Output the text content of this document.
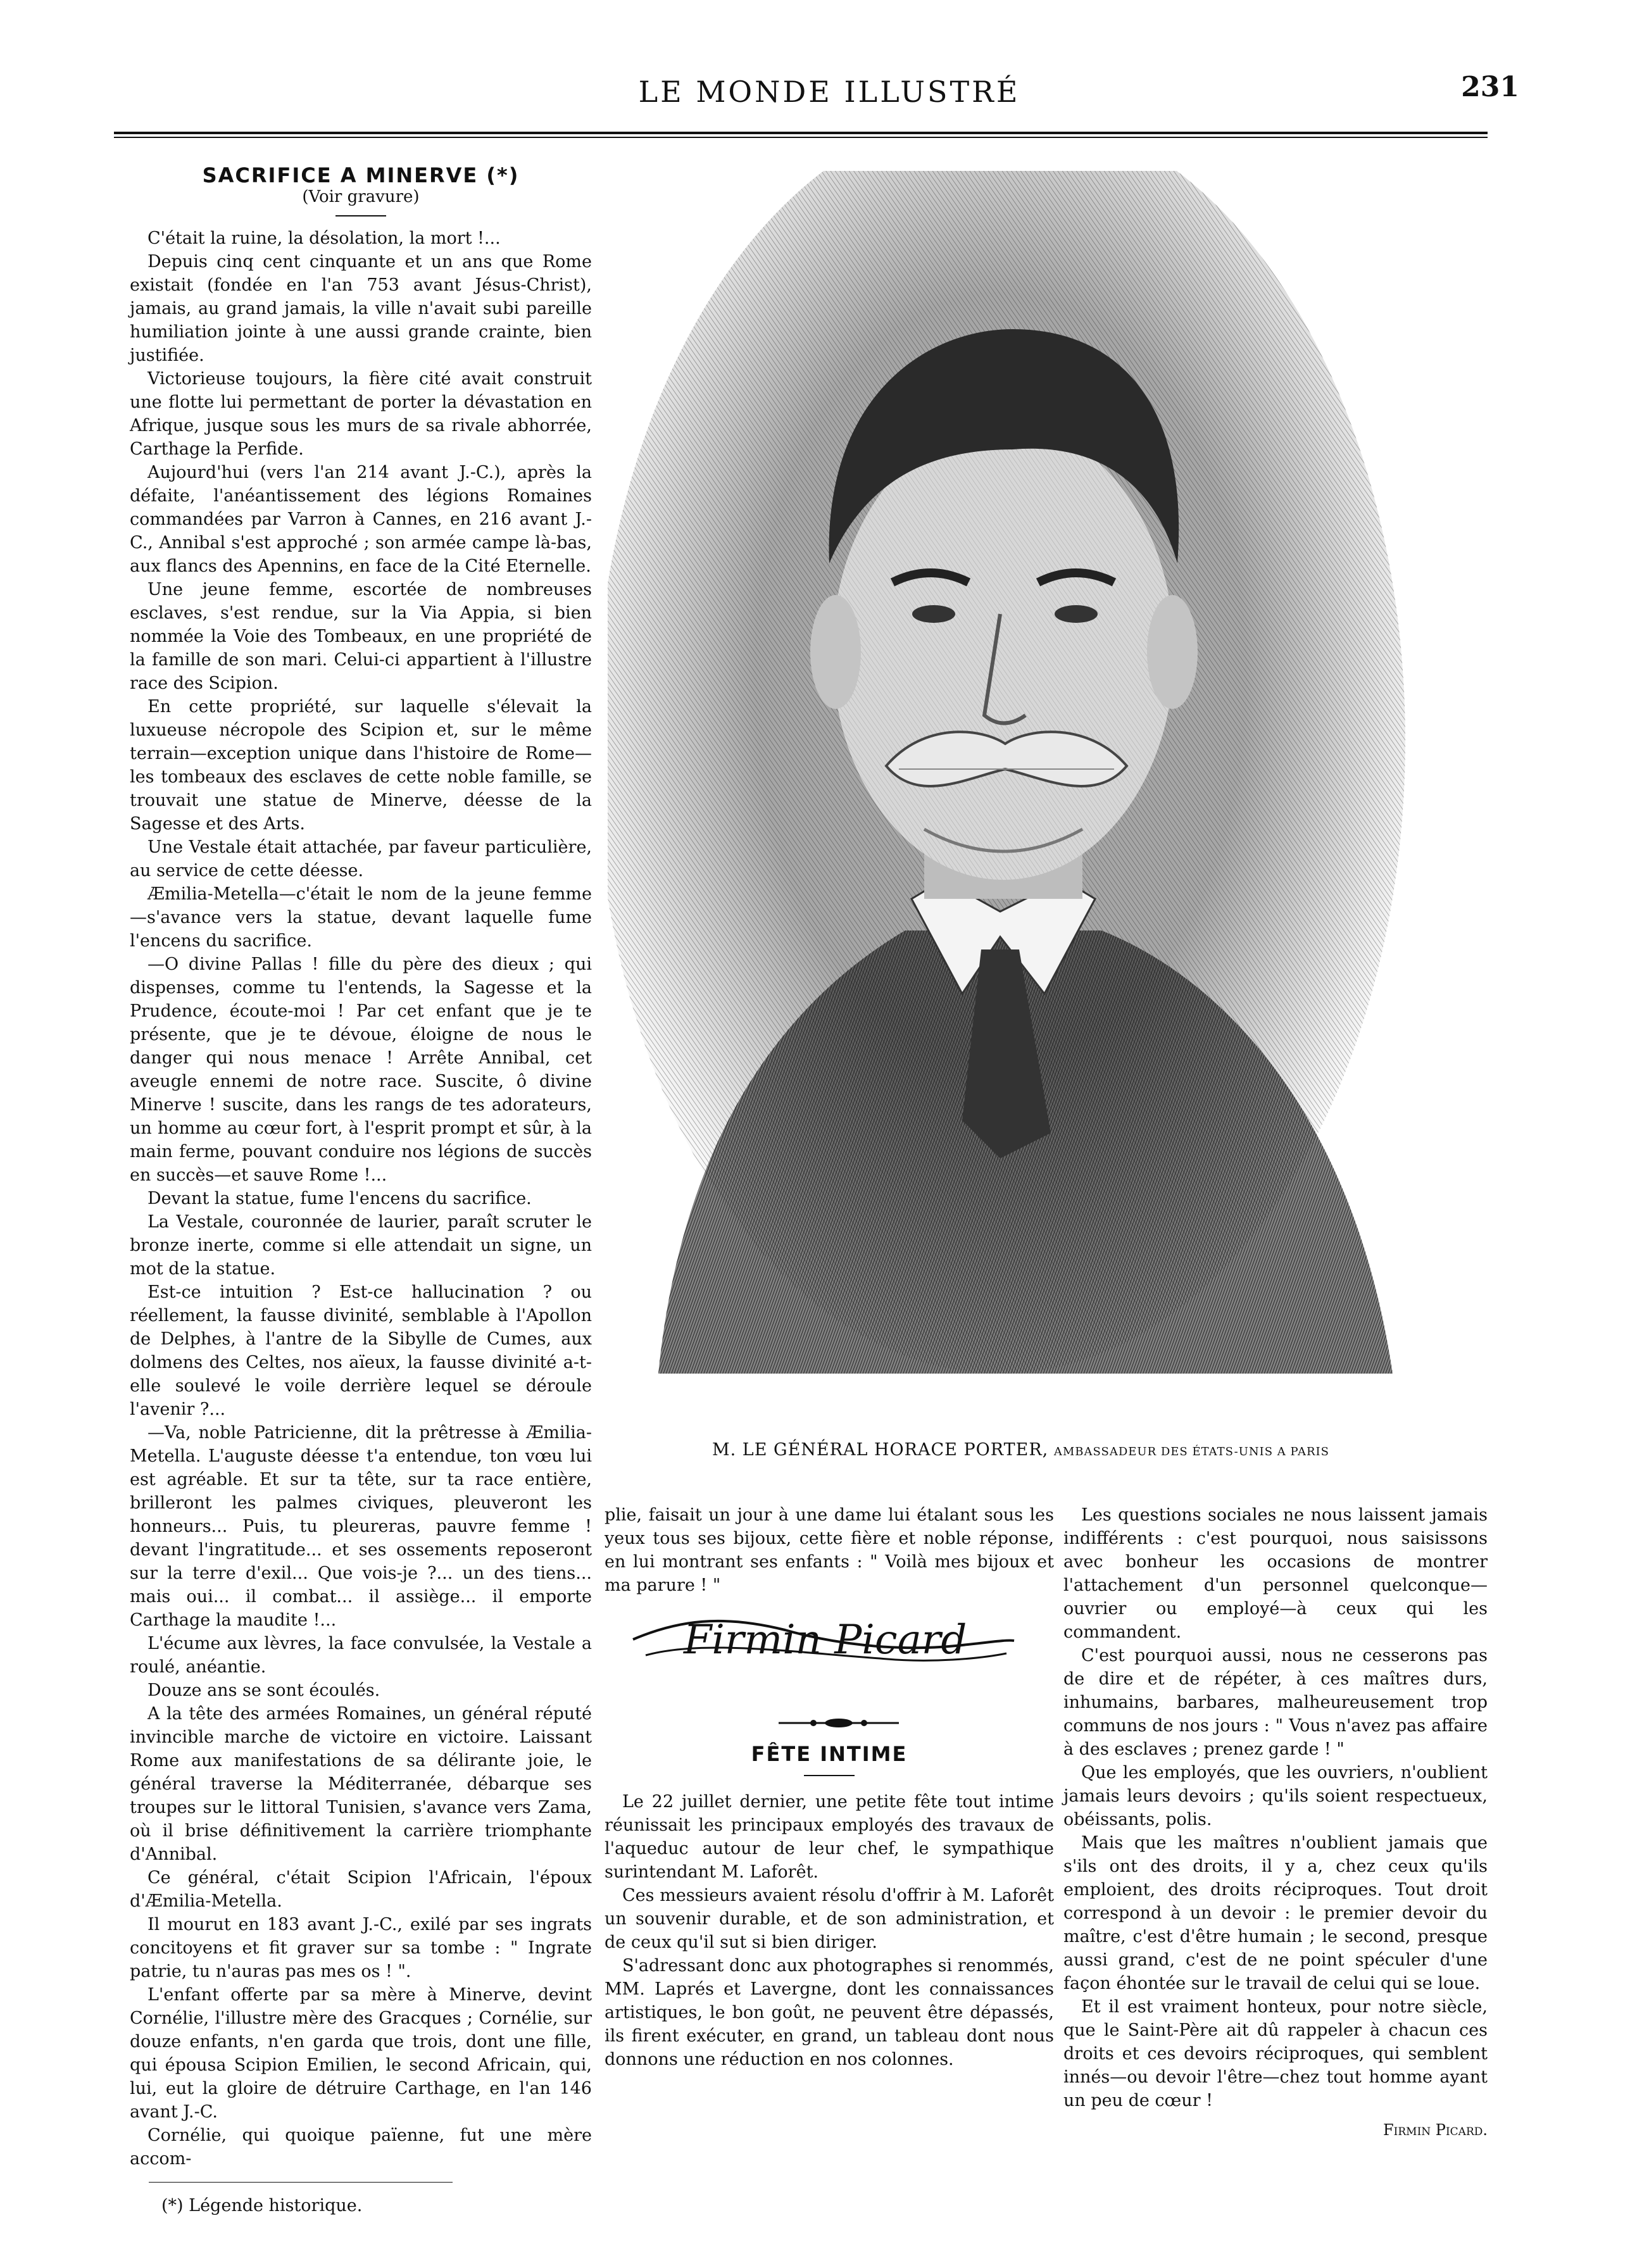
LE MONDE ILLUSTRÉ	231
SACRIFICE A MINERVE (*)
(Voir gravure)

C'était la ruine, la désolation, la mort !...

Depuis cinq cent cinquante et un ans que Rome existait (fondée en l'an 753 avant Jésus-Christ), jamais, au grand jamais, la ville n'avait subi pareille humiliation jointe à une aussi grande crainte, bien justifiée.

Victorieuse toujours, la fière cité avait construit une flotte lui permettant de porter la dévastation en Afrique, jusque sous les murs de sa rivale abhorrée, Carthage la Perfide.

Aujourd'hui (vers l'an 214 avant J.-C.), après la défaite, l'anéantissement des légions Romaines commandées par Varron à Cannes, en 216 avant J.-C., Annibal s'est approché ; son armée campe là-bas, aux flancs des Apennins, en face de la Cité Eternelle.

Une jeune femme, escortée de nombreuses esclaves, s'est rendue, sur la Via Appia, si bien nommée la Voie des Tombeaux, en une propriété de la famille de son mari. Celui-ci appartient à l'illustre race des Scipion.

En cette propriété, sur laquelle s'élevait la luxueuse nécropole des Scipion et, sur le même terrain—exception unique dans l'histoire de Rome—les tombeaux des esclaves de cette noble famille, se trouvait une statue de Minerve, déesse de la Sagesse et des Arts.

Une Vestale était attachée, par faveur particulière, au service de cette déesse.

Æmilia-Metella—c'était le nom de la jeune femme —s'avance vers la statue, devant laquelle fume l'encens du sacrifice.

—O divine Pallas ! fille du père des dieux ; qui dispenses, comme tu l'entends, la Sagesse et la Prudence, écoute-moi ! Par cet enfant que je te présente, que je te dévoue, éloigne de nous le danger qui nous menace ! Arrête Annibal, cet aveugle ennemi de notre race. Suscite, ô divine Minerve ! suscite, dans les rangs de tes adorateurs, un homme au cœur fort, à l'esprit prompt et sûr, à la main ferme, pouvant conduire nos légions de succès en succès—et sauve Rome !...

Devant la statue, fume l'encens du sacrifice.

La Vestale, couronnée de laurier, paraît scruter le bronze inerte, comme si elle attendait un signe, un mot de la statue.

Est-ce intuition ? Est-ce hallucination ? ou réellement, la fausse divinité, semblable à l'Apollon de Delphes, à l'antre de la Sibylle de Cumes, aux dolmens des Celtes, nos aïeux, la fausse divinité a-t-elle soulevé le voile derrière lequel se déroule l'avenir ?...

—Va, noble Patricienne, dit la prêtresse à Æmilia-Metella. L'auguste déesse t'a entendue, ton vœu lui est agréable. Et sur ta tête, sur ta race entière, brilleront les palmes civiques, pleuveront les honneurs... Puis, tu pleureras, pauvre femme ! devant l'ingratitude... et ses ossements reposeront sur la terre d'exil... Que vois-je ?... un des tiens... mais oui... il combat... il assiège... il emporte Carthage la maudite !...

L'écume aux lèvres, la face convulsée, la Vestale a roulé, anéantie.

Douze ans se sont écoulés.

A la tête des armées Romaines, un général réputé invincible marche de victoire en victoire. Laissant Rome aux manifestations de sa délirante joie, le général traverse la Méditerranée, débarque ses troupes sur le littoral Tunisien, s'avance vers Zama, où il brise définitivement la carrière triomphante d'Annibal.

Ce général, c'était Scipion l'Africain, l'époux d'Æmilia-Metella.

Il mourut en 183 avant J.-C., exilé par ses ingrats concitoyens et fit graver sur sa tombe : " Ingrate patrie, tu n'auras pas mes os ! ".

L'enfant offerte par sa mère à Minerve, devint Cornélie, l'illustre mère des Gracques ; Cornélie, sur douze enfants, n'en garda que trois, dont une fille, qui épousa Scipion Emilien, le second Africain, qui, lui, eut la gloire de détruire Carthage, en l'an 146 avant J.-C.

Cornélie, qui quoique païenne, fut une mère accom-

(*) Légende historique.
M. LE GÉNÉRAL HORACE PORTER, AMBASSADEUR DES ÉTATS-UNIS A PARIS
plie, faisait un jour à une dame lui étalant sous les yeux tous ses bijoux, cette fière et noble réponse, en lui montrant ses enfants : " Voilà mes bijoux et ma parure ! "
Firmin Picard
FÊTE INTIME

Le 22 juillet dernier, une petite fête tout intime réunissait les principaux employés des travaux de l'aqueduc autour de leur chef, le sympathique surintendant M. Laforêt.

Ces messieurs avaient résolu d'offrir à M. Laforêt un souvenir durable, et de son administration, et de ceux qu'il sut si bien diriger.

S'adressant donc aux photographes si renommés, MM. Laprés et Lavergne, dont les connaissances artistiques, le bon goût, ne peuvent être dépassés, ils firent exécuter, en grand, un tableau dont nous donnons une réduction en nos colonnes.

Les questions sociales ne nous laissent jamais indifférents : c'est pourquoi, nous saisissons avec bonheur les occasions de montrer l'attachement d'un personnel quelconque—ouvrier ou employé—à ceux qui les commandent.

C'est pourquoi aussi, nous ne cesserons pas de dire et de répéter, à ces maîtres durs, inhumains, barbares, malheureusement trop communs de nos jours : " Vous n'avez pas affaire à des esclaves ; prenez garde ! "

Que les employés, que les ouvriers, n'oublient jamais leurs devoirs ; qu'ils soient respectueux, obéissants, polis.

Mais que les maîtres n'oublient jamais que s'ils ont des droits, il y a, chez ceux qu'ils emploient, des droits réciproques. Tout droit correspond à un devoir : le premier devoir du maître, c'est d'être humain ; le second, presque aussi grand, c'est de ne point spéculer d'une façon éhontée sur le travail de celui qui se loue.

Et il est vraiment honteux, pour notre siècle, que le Saint-Père ait dû rappeler à chacun ces droits et ces devoirs réciproques, qui semblent innés—ou devoir l'être—chez tout homme ayant un peu de cœur !

Firmin Picard.
